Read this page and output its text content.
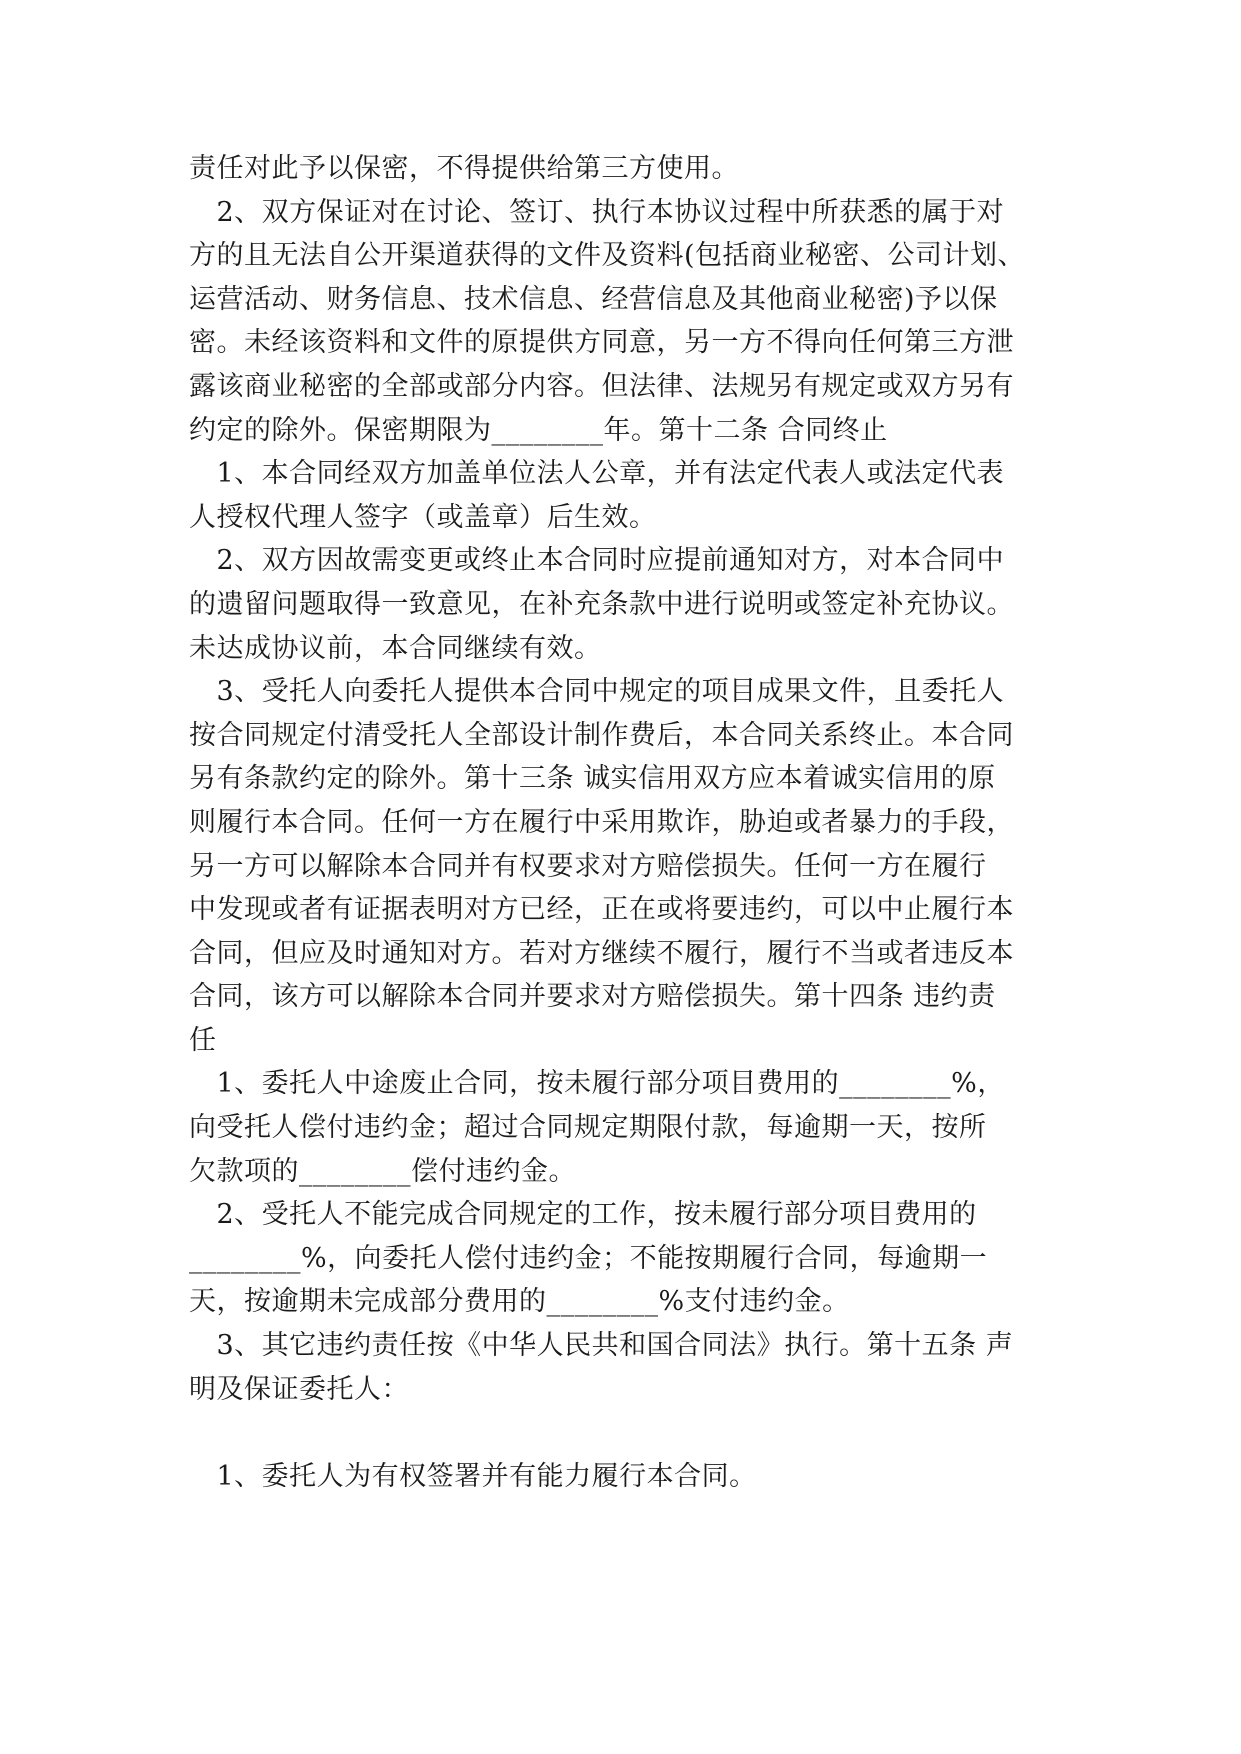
责任对此予以保密，不得提供给第三方使用。
　2、双方保证对在讨论、签订、执行本协议过程中所获悉的属于对
方的且无法自公开渠道获得的文件及资料(包括商业秘密、公司计划、
运营活动、财务信息、技术信息、经营信息及其他商业秘密)予以保
密。未经该资料和文件的原提供方同意，另一方不得向任何第三方泄
露该商业秘密的全部或部分内容。但法律、法规另有规定或双方另有
约定的除外。保密期限为________年。第十二条 合同终止
　1、本合同经双方加盖单位法人公章，并有法定代表人或法定代表
人授权代理人签字（或盖章）后生效。
　2、双方因故需变更或终止本合同时应提前通知对方，对本合同中
的遗留问题取得一致意见，在补充条款中进行说明或签定补充协议。
未达成协议前，本合同继续有效。
　3、受托人向委托人提供本合同中规定的项目成果文件，且委托人
按合同规定付清受托人全部设计制作费后，本合同关系终止。本合同
另有条款约定的除外。第十三条 诚实信用双方应本着诚实信用的原
则履行本合同。任何一方在履行中采用欺诈，胁迫或者暴力的手段，
另一方可以解除本合同并有权要求对方赔偿损失。任何一方在履行
中发现或者有证据表明对方已经，正在或将要违约，可以中止履行本
合同，但应及时通知对方。若对方继续不履行，履行不当或者违反本
合同，该方可以解除本合同并要求对方赔偿损失。第十四条 违约责
任
　1、委托人中途废止合同，按未履行部分项目费用的________%，
向受托人偿付违约金；超过合同规定期限付款，每逾期一天，按所
欠款项的________偿付违约金。
　2、受托人不能完成合同规定的工作，按未履行部分项目费用的
________%，向委托人偿付违约金；不能按期履行合同，每逾期一
天，按逾期未完成部分费用的________%支付违约金。
　3、其它违约责任按《中华人民共和国合同法》执行。第十五条 声
明及保证委托人：
　1、委托人为有权签署并有能力履行本合同。
